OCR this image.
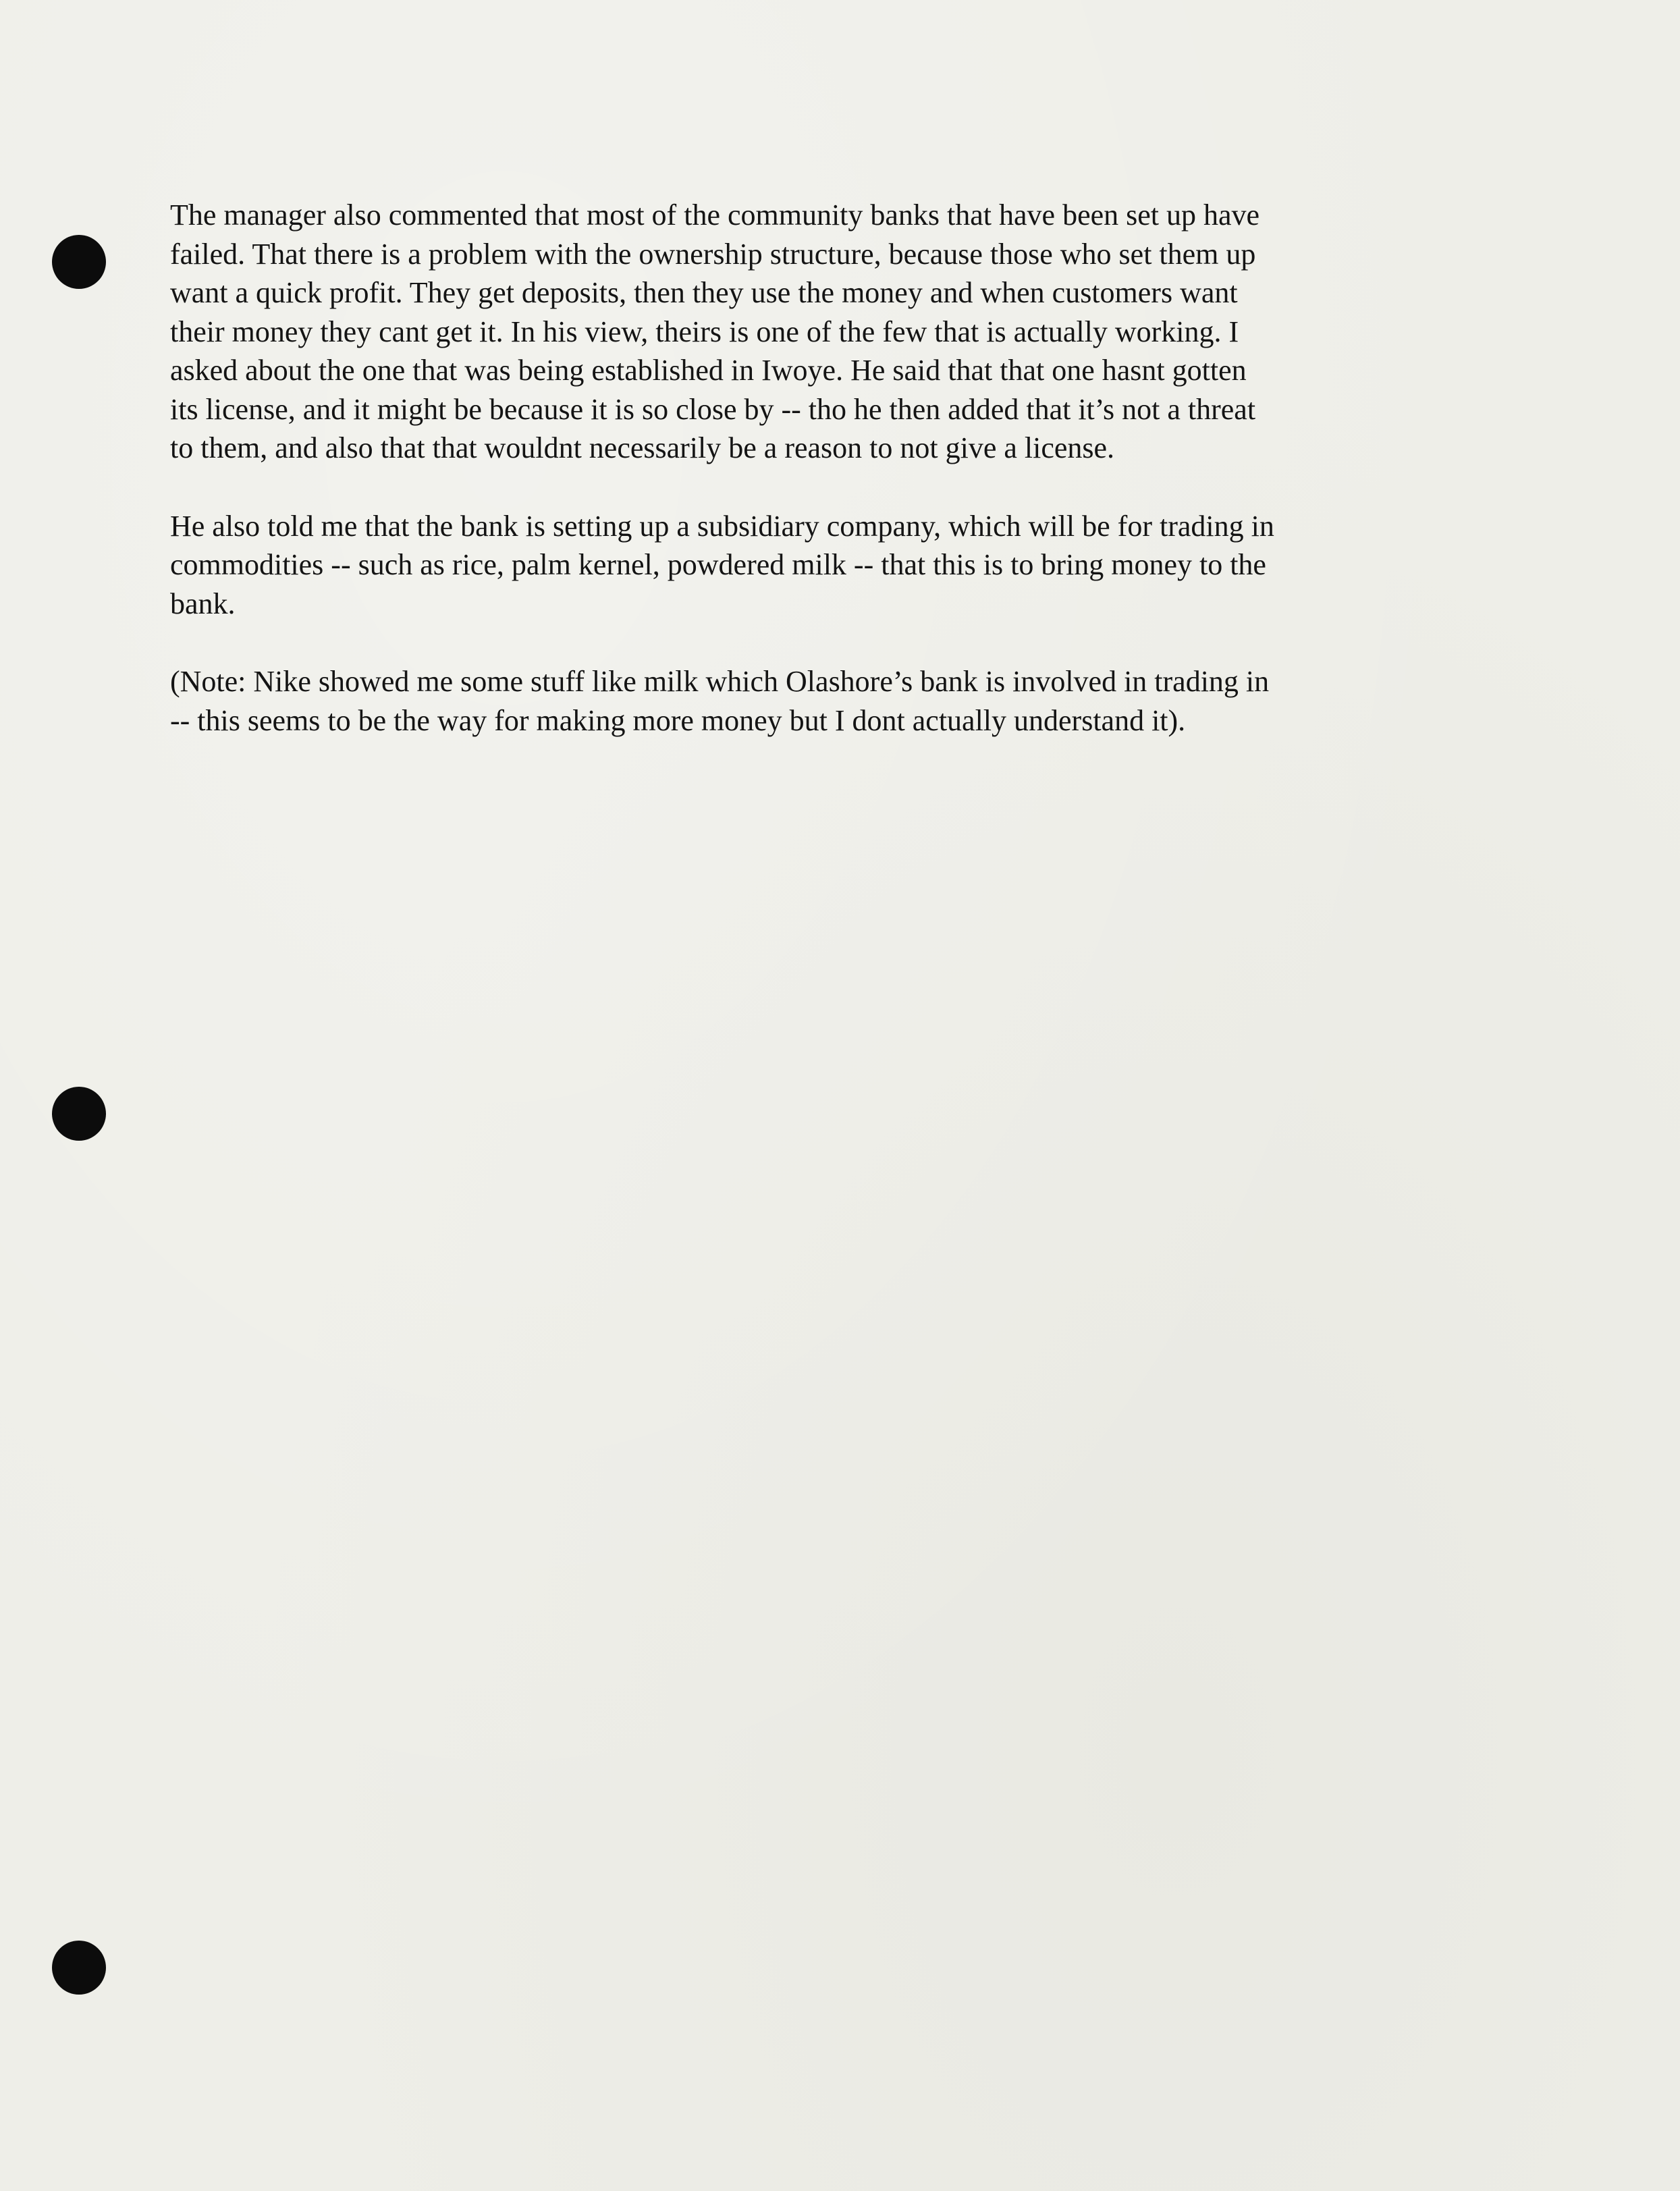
The manager also commented that most of the community banks that have been set up have
failed. That there is a problem with the ownership structure, because those who set them up
want a quick profit. They get deposits, then they use the money and when customers want
their money they cant get it. In his view, theirs is one of the few that is actually working. I
asked about the one that was being established in Iwoye. He said that that one hasnt gotten
its license, and it might be because it is so close by -- tho he then added that it’s not a threat
to them, and also that that wouldnt necessarily be a reason to not give a license.

He also told me that the bank is setting up a subsidiary company, which will be for trading in
commodities -- such as rice, palm kernel, powdered milk -- that this is to bring money to the
bank.

(Note: Nike showed me some stuff like milk which Olashore’s bank is involved in trading in
-- this seems to be the way for making more money but I dont actually understand it).
